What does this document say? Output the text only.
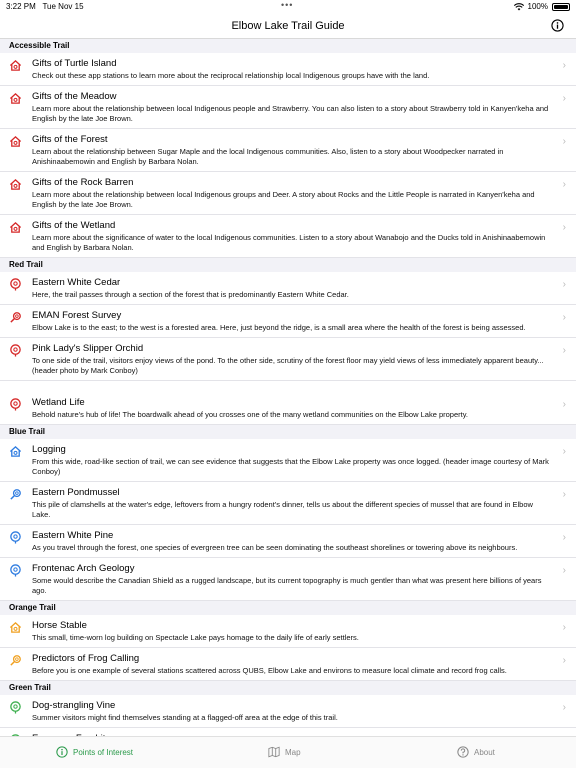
3:22 PM Tue Nov 15	•••	100%
Elbow Lake Trail Guide
Accessible Trail
Gifts of Turtle Island
Check out these app stations to learn more about the reciprocal relationship local Indigenous groups have with the land.
›
Gifts of the Meadow
Learn more about the relationship between local Indigenous people and Strawberry. You can also listen to a story about Strawberry told in Kanyen'keha and English by the late Joe Brown.
›
Gifts of the Forest
Learn about the relationship between Sugar Maple and the local Indigenous communities. Also, listen to a story about Woodpecker narrated in Anishinaabemowin and English by Barbara Nolan.
›
Gifts of the Rock Barren
Learn more about the relationship between local Indigenous groups and Deer. A story about Rocks and the Little People is narrated in Kanyen'keha and English by the late Joe Brown.
›
Gifts of the Wetland
Learn more about the significance of water to the local Indigenous communities. Listen to a story about Wanabojo and the Ducks told in Anishinaabemowin and English by Barbara Nolan.
›
Red Trail
Eastern White Cedar
Here, the trail passes through a section of the forest that is predominantly Eastern White Cedar.
›
EMAN Forest Survey
Elbow Lake is to the east; to the west is a forested area. Here, just beyond the ridge, is a small area where the health of the forest is being assessed.
›
Pink Lady's Slipper Orchid
To one side of the trail, visitors enjoy views of the pond. To the other side, scrutiny of the forest floor may yield views of less immediately apparent beauty... (header photo by Mark Conboy)
›
Wetland Life
Behold nature's hub of life! The boardwalk ahead of you crosses one of the many wetland communities on the Elbow Lake property.
›
Blue Trail
Logging
From this wide, road-like section of trail, we can see evidence that suggests that the Elbow Lake property was once logged. (header image courtesy of Mark Conboy)
›
Eastern Pondmussel
This pile of clamshells at the water's edge, leftovers from a hungry rodent's dinner, tells us about the different species of mussel that are found in Elbow Lake.
›
Eastern White Pine
As you travel through the forest, one species of evergreen tree can be seen dominating the southeast shorelines or towering above its neighbours.
›
Frontenac Arch Geology
Some would describe the Canadian Shield as a rugged landscape, but its current topography is much gentler than what was present here billions of years ago.
›
Orange Trail
Horse Stable
This small, time-worn log building on Spectacle Lake pays homage to the daily life of early settlers.
›
Predictors of Frog Calling
Before you is one example of several stations scattered across QUBS, Elbow Lake and environs to measure local climate and record frog calls.
›
Green Trail
Dog-strangling Vine
Summer visitors might find themselves standing at a flagged-off area at the edge of this trail.
›
Points of Interest	Map	About
